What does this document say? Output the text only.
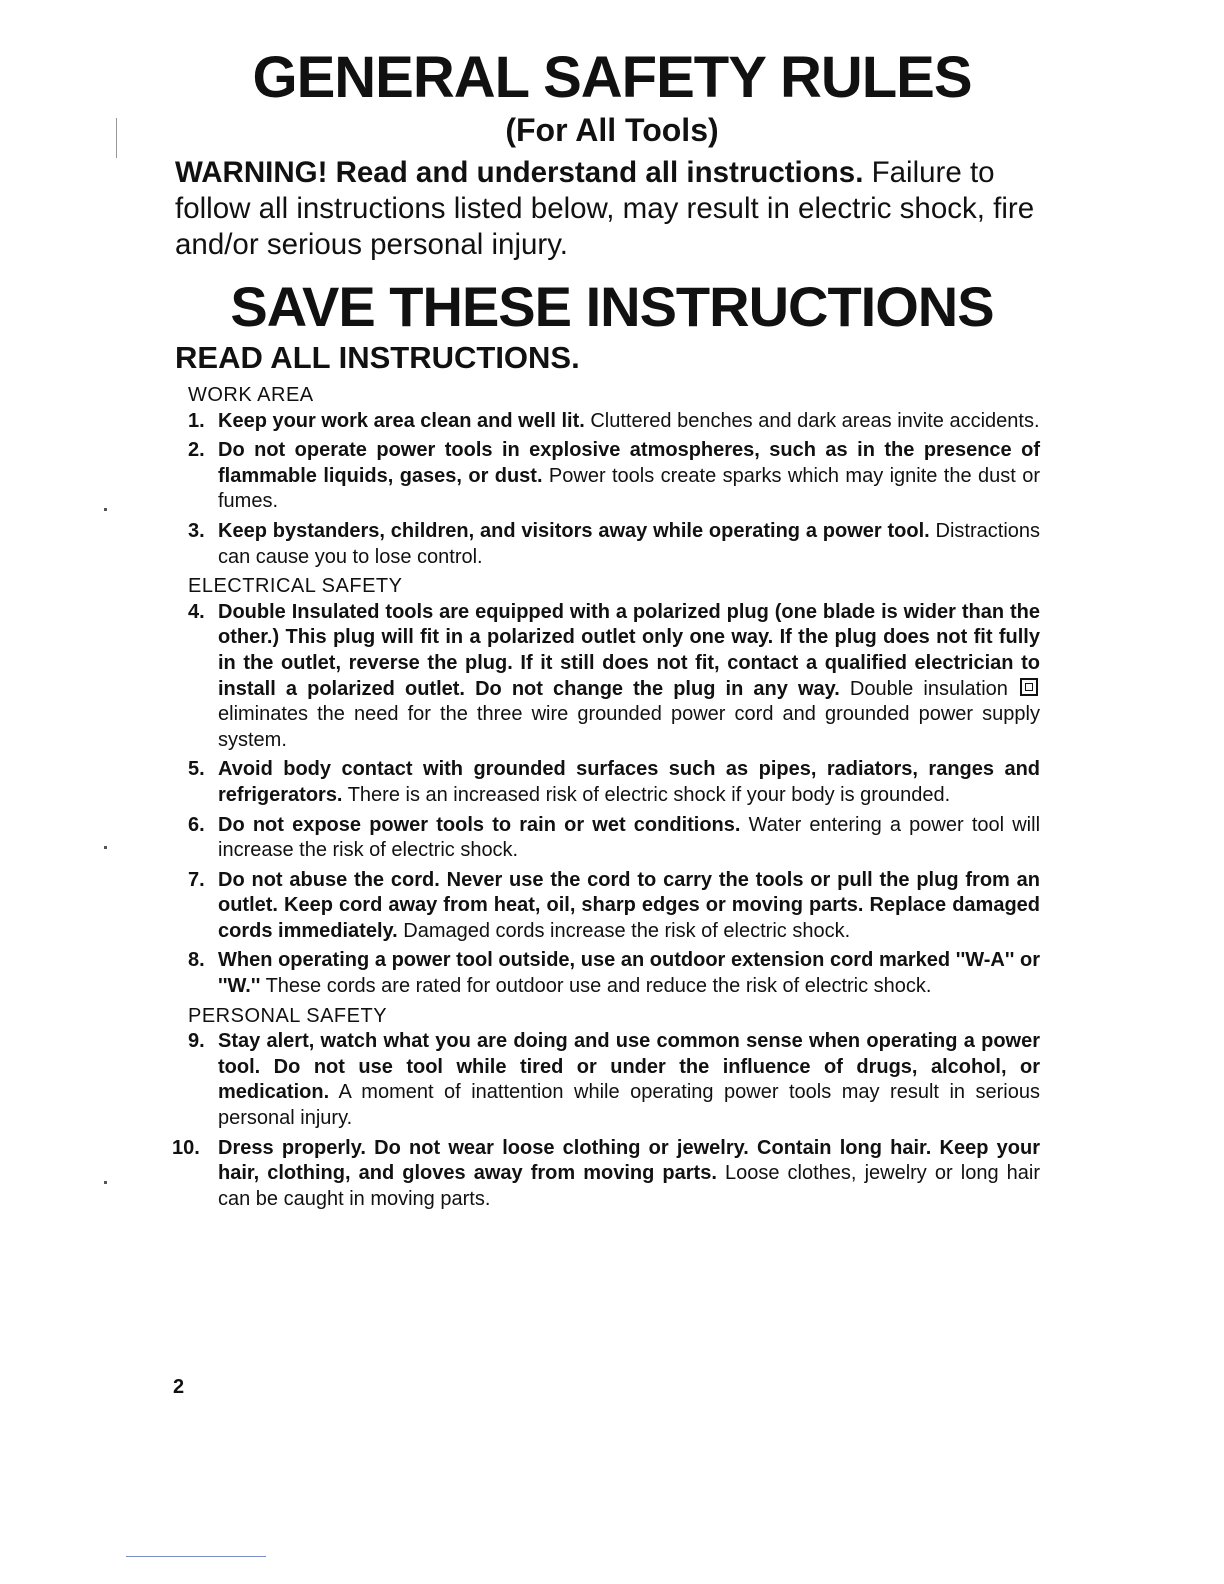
GENERAL SAFETY RULES
(For All Tools)
WARNING! Read and understand all instructions. Failure to follow all instructions listed below, may result in electric shock, fire and/or serious personal injury.
SAVE THESE INSTRUCTIONS
READ ALL INSTRUCTIONS.
WORK AREA
1. Keep your work area clean and well lit. Cluttered benches and dark areas invite accidents.
2. Do not operate power tools in explosive atmospheres, such as in the presence of flammable liquids, gases, or dust. Power tools create sparks which may ignite the dust or fumes.
3. Keep bystanders, children, and visitors away while operating a power tool. Distractions can cause you to lose control.
ELECTRICAL SAFETY
4. Double Insulated tools are equipped with a polarized plug (one blade is wider than the other.) This plug will fit in a polarized outlet only one way. If the plug does not fit fully in the outlet, reverse the plug. If it still does not fit, contact a qualified electrician to install a polarized outlet. Do not change the plug in any way. Double insulation  eliminates the need for the three wire grounded power cord and grounded power supply system.
5. Avoid body contact with grounded surfaces such as pipes, radiators, ranges and refrigerators. There is an increased risk of electric shock if your body is grounded.
6. Do not expose power tools to rain or wet conditions. Water entering a power tool will increase the risk of electric shock.
7. Do not abuse the cord. Never use the cord to carry the tools or pull the plug from an outlet. Keep cord away from heat, oil, sharp edges or moving parts. Replace damaged cords immediately. Damaged cords increase the risk of electric shock.
8. When operating a power tool outside, use an outdoor extension cord marked ''W-A'' or ''W.'' These cords are rated for outdoor use and reduce the risk of electric shock.
PERSONAL SAFETY
9. Stay alert, watch what you are doing and use common sense when operating a power tool. Do not use tool while tired or under the influence of drugs, alcohol, or medication. A moment of inattention while operating power tools may result in serious personal injury.
10. Dress properly. Do not wear loose clothing or jewelry. Contain long hair. Keep your hair, clothing, and gloves away from moving parts. Loose clothes, jewelry or long hair can be caught in moving parts.
2
